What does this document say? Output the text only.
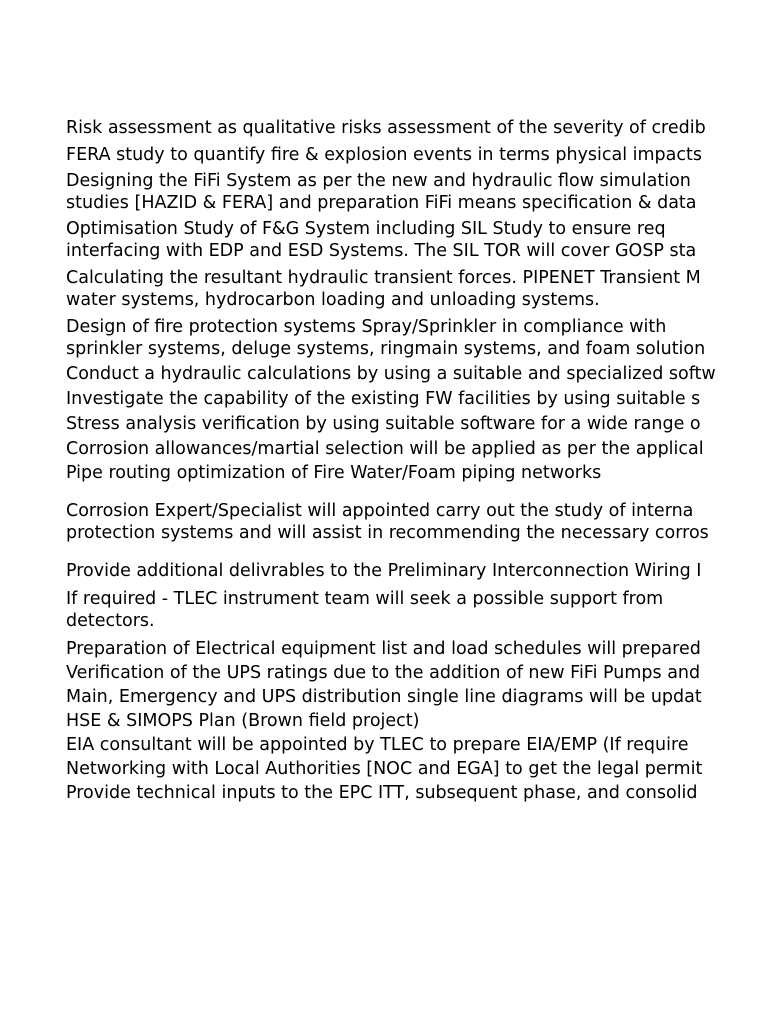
Risk assessment as qualitative risks assessment of the severity of credib
FERA study to quantify fire & explosion events in terms physical impacts
Designing the FiFi System as per the new and hydraulic flow simulation
studies [HAZID & FERA] and preparation FiFi means specification & data
Optimisation Study of F&G System including SIL Study to ensure req
interfacing with EDP and ESD Systems. The SIL TOR will cover GOSP sta
Calculating the resultant hydraulic transient forces. PIPENET Transient M
water systems, hydrocarbon loading and unloading systems.
Design of fire protection systems Spray/Sprinkler in compliance with
sprinkler systems, deluge systems, ringmain systems, and foam solution
Conduct a hydraulic calculations by using a suitable and specialized softw
Investigate the capability of the existing FW facilities by using suitable s
Stress analysis verification by using suitable software for a wide range o
Corrosion allowances/martial selection will be applied as per the applical
Pipe routing optimization of Fire Water/Foam piping networks
Corrosion Expert/Specialist will appointed carry out the study of interna
protection systems and will assist in recommending the necessary corros
Provide additional delivrables to the Preliminary Interconnection Wiring I
If required - TLEC instrument team will seek a possible support from
detectors.
Preparation of Electrical equipment list and load schedules will prepared
Verification of the UPS ratings due to the addition of new FiFi Pumps and
Main, Emergency and UPS distribution single line diagrams will be updat
HSE & SIMOPS Plan (Brown field project)
EIA consultant will be appointed by TLEC to prepare EIA/EMP (If require
Networking with Local Authorities [NOC and EGA] to get the legal permit
Provide technical inputs to the EPC ITT, subsequent phase, and consolid
